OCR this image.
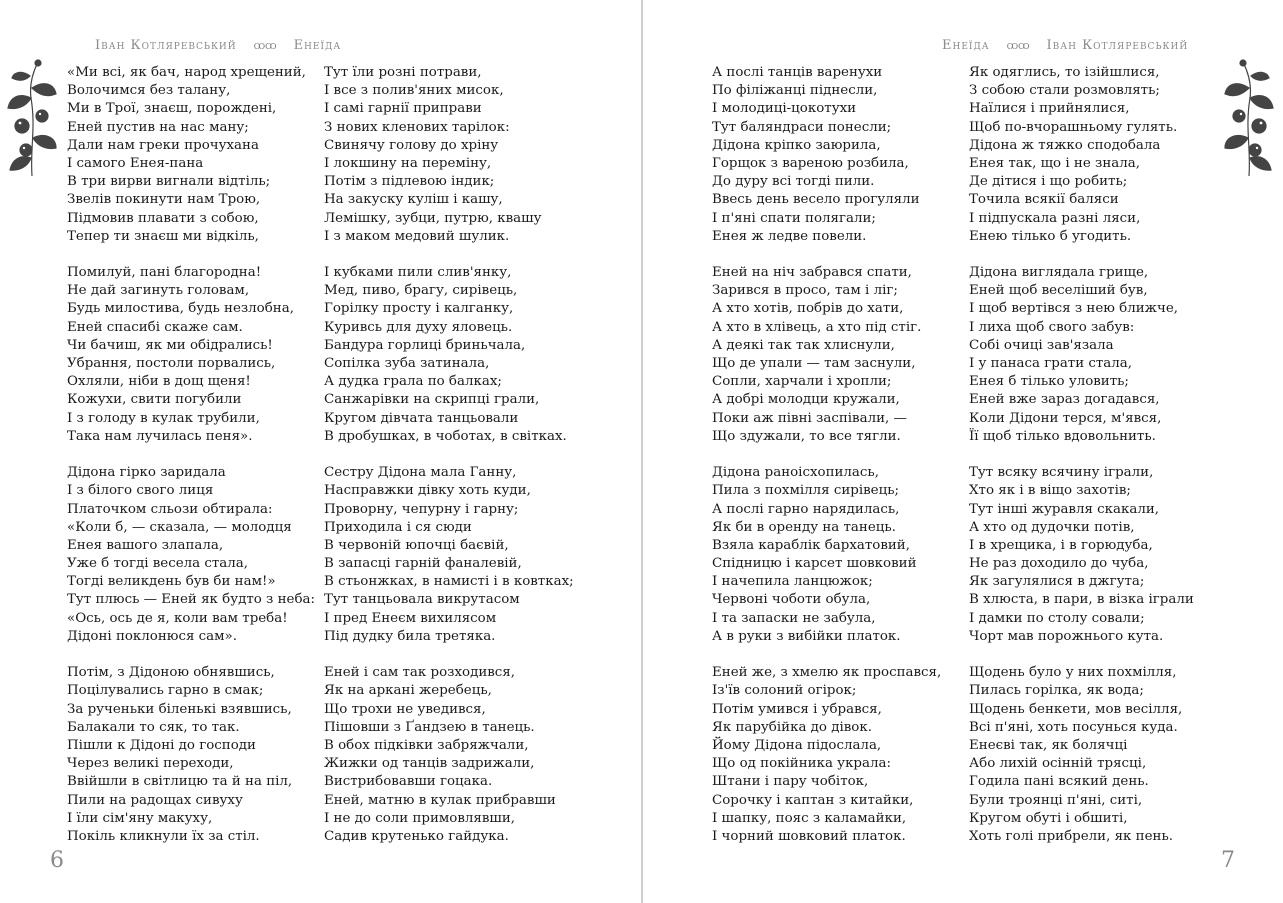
Іван Котляревський ꝏꝏ Енеїда
«Ми всі, як бач, народ хрещений,
Волочимся без талану,
Ми в Трої, знаєш, порождені,
Еней пустив на нас ману;
Дали нам греки прочухана
І самого Енея-пана
В три вирви вигнали відтіль;
Звелів покинути нам Трою,
Підмовив плавати з собою,
Тепер ти знаєш ми відкіль,
Помилуй, пані благородна!
Не дай загинуть головам,
Будь милостива, будь незлобна,
Еней спасибі скаже сам.
Чи бачиш, як ми обідрались!
Убрання, постоли порвались,
Охляли, ніби в дощ щеня!
Кожухи, свити погубили
І з голоду в кулак трубили,
Така нам лучилась пеня».
Дідона гірко заридала
І з білого свого лиця
Платочком сльози обтирала:
«Коли б, — сказала, — молодця
Енея вашого злапала,
Уже б тогді весела стала,
Тогді великдень був би нам!»
Тут плюсь — Еней як будто з неба:
«Ось, ось де я, коли вам треба!
Дідоні поклонюся сам».
Потім, з Дідоною обнявшись,
Поцілувались гарно в смак;
За рученьки біленькі взявшись,
Балакали то сяк, то так.
Пішли к Дідоні до господи
Через великі переходи,
Ввійшли в світлицю та й на піл,
Пили на радощах сивуху
І їли сім'яну макуху,
Покіль кликнули їх за стіл.
Тут їли розні потрави,
І все з полив'яних мисок,
І самі гарнії приправи
З нових кленових тарілок:
Свинячу голову до хріну
І локшину на переміну,
Потім з підлевою індик;
На закуску куліш і кашу,
Лемішку, зубци, путрю, квашу
І з маком медовий шулик.
І кубками пили слив'янку,
Мед, пиво, брагу, сирівець,
Горілку просту і калганку,
Куривсь для духу яловець.
Бандура горлиці бриньчала,
Сопілка зуба затинала,
А дудка грала по балках;
Санжарівки на скрипці грали,
Кругом дівчата танцьовали
В дробушках, в чоботах, в світках.
Сестру Дідона мала Ганну,
Насправжки дівку хоть куди,
Проворну, чепурну і гарну;
Приходила і ся сюди
В червоній юпочці баєвій,
В запаcці гарній фаналевій,
В стьонжках, в намисті і в ковтках;
Тут танцьовала викрутасом
І пред Енеєм вихилясом
Під дудку била третяка.
Еней і сам так розходився,
Як на аркані жеребець,
Що трохи не уведився,
Пішовши з Ґандзею в танець.
В обох підківки забряжчали,
Жижки од танців задрижали,
Вистрибовавши гоцака.
Еней, матню в кулак прибравши
І не до соли примовлявши,
Садив крутенько гайдука.
6
Енеїда ꝏꝏ Іван Котляревський
А послі танців варенухи
По філіжанці піднесли,
І молодиці-цокотухи
Тут баляндраси понесли;
Дідона кріпко заюрила,
Горщок з вареною розбила,
До дуру всі тогді пили.
Ввесь день весело прогуляли
І п'яні спати полягали;
Енея ж ледве повели.
Еней на ніч забрався спати,
Зарився в просо, там і ліг;
А хто хотів, побрів до хати,
А хто в хлівець, а хто під стіг.
А деякі так так хлиснули,
Що де упали — там заснули,
Сопли, харчали і хропли;
А добрі молодци кружали,
Поки аж півні заспівали, —
Що здужали, то все тягли.
Дідона раноісхопилась,
Пила з похмілля сирівець;
А послі гарно нарядилась,
Як би в оренду на танець.
Взяла караблік бархатовий,
Спідницю і карсет шовковий
І начепила ланцюжок;
Червоні чоботи обула,
І та запаски не забула,
А в руки з вибійки платок.
Еней же, з хмелю як проспався,
Із'їв солоний огірок;
Потім умився і убрався,
Як парубійка до дівок.
Йому Дідона підослала,
Що од покійника украла:
Штани і пару чобіток,
Сорочку і каптан з китайки,
І шапку, пояс з каламайки,
І чорний шовковий платок.
Як одяглись, то ізійшлися,
З собою стали розмовлять;
Наїлися і прийнялися,
Щоб по-вчорашньому гулять.
Дідона ж тяжко сподобала
Енея так, що і не знала,
Де дітися і що робить;
Точила всякії баляси
І підпускала разні ляси,
Енею тілько б угодить.
Дідона виглядала грище,
Еней щоб веселіший був,
І щоб вертівся з нею ближче,
І лиха щоб свого забув:
Собі очиці зав'язала
І у панаса грати стала,
Енея б тілько уловить;
Еней вже зараз догадався,
Коли Дідони терся, м'явся,
Її щоб тілько вдовольнить.
Тут всяку всячину іграли,
Хто як і в віщо захотів;
Тут інші журавля скакали,
А хто од дудочки потів,
І в хрещика, і в горюдуба,
Не раз доходило до чуба,
Як загулялися в джгута;
В хлюста, в пари, в візка іграли
І дамки по столу совали;
Чорт мав порожнього кута.
Щодень було у них похмілля,
Пилась горілка, як вода;
Щодень бенкети, мов весілля,
Всі п'яні, хоть посунься куда.
Енеєві так, як болячці
Або лихій осінній трясці,
Годила пані всякий день.
Були троянці п'яні, ситі,
Кругом обуті і обшиті,
Хоть голі прибрели, як пень.
7
